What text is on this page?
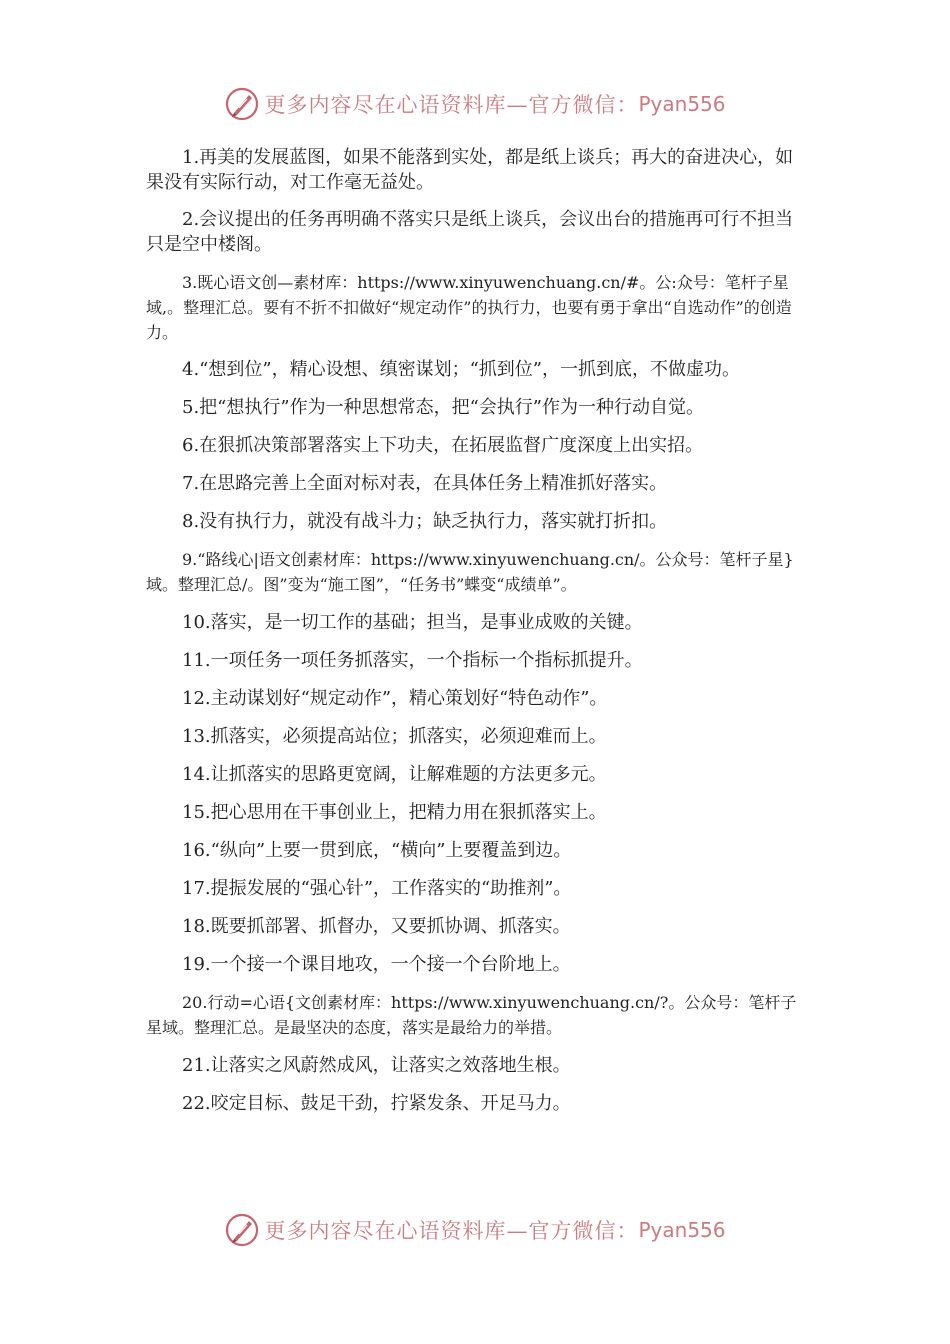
更多内容尽在心语资料库—官方微信： Pyan556

1.再美的发展蓝图，如果不能落到实处，都是纸上谈兵；再大的奋进决心，如果没有实际行动，对工作毫无益处。

2.会议提出的任务再明确不落实只是纸上谈兵，会议出台的措施再可行不担当只是空中楼阁。

3.既心语文创—素材库：https://www.xinyuwenchuang.cn/#。公:众号：笔杆子星域,。整理汇总。要有不折不扣做好“规定动作”的执行力，也要有勇于拿出“自选动作”的创造力。

4.“想到位”，精心设想、缜密谋划；“抓到位”，一抓到底，不做虚功。

5.把“想执行”作为一种思想常态，把“会执行”作为一种行动自觉。

6.在狠抓决策部署落实上下功夫，在拓展监督广度深度上出实招。

7.在思路完善上全面对标对表，在具体任务上精准抓好落实。

8.没有执行力，就没有战斗力；缺乏执行力，落实就打折扣。

9.“路线心|语文创素材库：https://www.xinyuwenchuang.cn/。公众号：笔杆子星}域。整理汇总/。图”变为“施工图”，“任务书”蝶变“成绩单”。

10.落实，是一切工作的基础；担当，是事业成败的关键。

11.一项任务一项任务抓落实，一个指标一个指标抓提升。

12.主动谋划好“规定动作”，精心策划好“特色动作”。

13.抓落实，必须提高站位；抓落实，必须迎难而上。

14.让抓落实的思路更宽阔，让解难题的方法更多元。

15.把心思用在干事创业上，把精力用在狠抓落实上。

16.“纵向”上要一贯到底，“横向”上要覆盖到边。

17.提振发展的“强心针”，工作落实的“助推剂”。

18.既要抓部署、抓督办，又要抓协调、抓落实。

19.一个接一个课目地攻，一个接一个台阶地上。

20.行动=心语{文创素材库：https://www.xinyuwenchuang.cn/?。公众号：笔杆子星域。整理汇总。是最坚决的态度，落实是最给力的举措。

21.让落实之风蔚然成风，让落实之效落地生根。

22.咬定目标、鼓足干劲，拧紧发条、开足马力。

更多内容尽在心语资料库—官方微信： Pyan556
